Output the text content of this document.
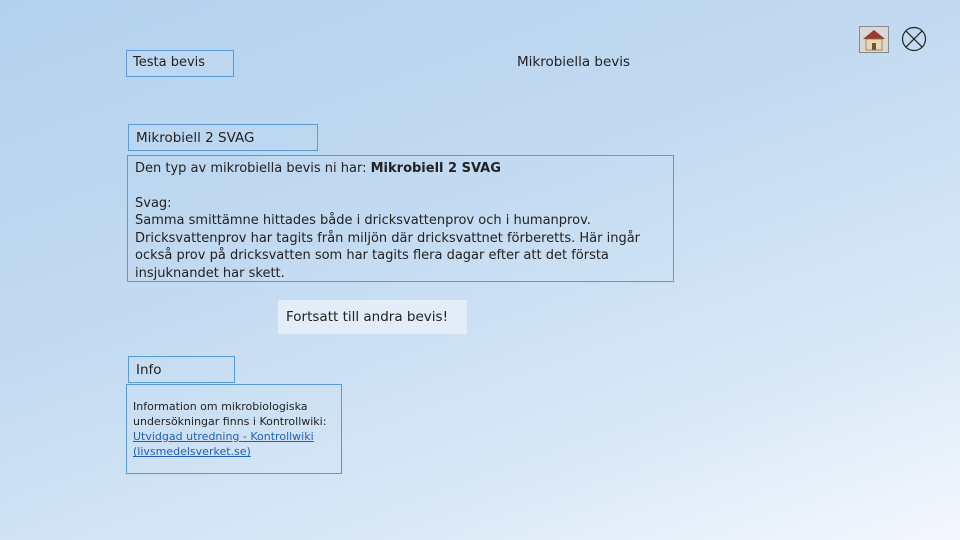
Testa bevis	Mikrobiella bevis
Mikrobiell 2 SVAG
Den typ av mikrobiella bevis ni har: Mikrobiell 2 SVAG
Svag:
Samma smittämne hittades både i dricksvattenprov och i humanprov.
Dricksvattenprov har tagits från miljön där dricksvattnet förberetts. Här ingår
också prov på dricksvatten som har tagits flera dagar efter att det första
insjuknandet har skett.
Fortsatt till andra bevis!
Info
Information om mikrobiologiska
undersökningar finns i Kontrollwiki:
Utvidgad utredning - Kontrollwiki
(livsmedelsverket.se)
